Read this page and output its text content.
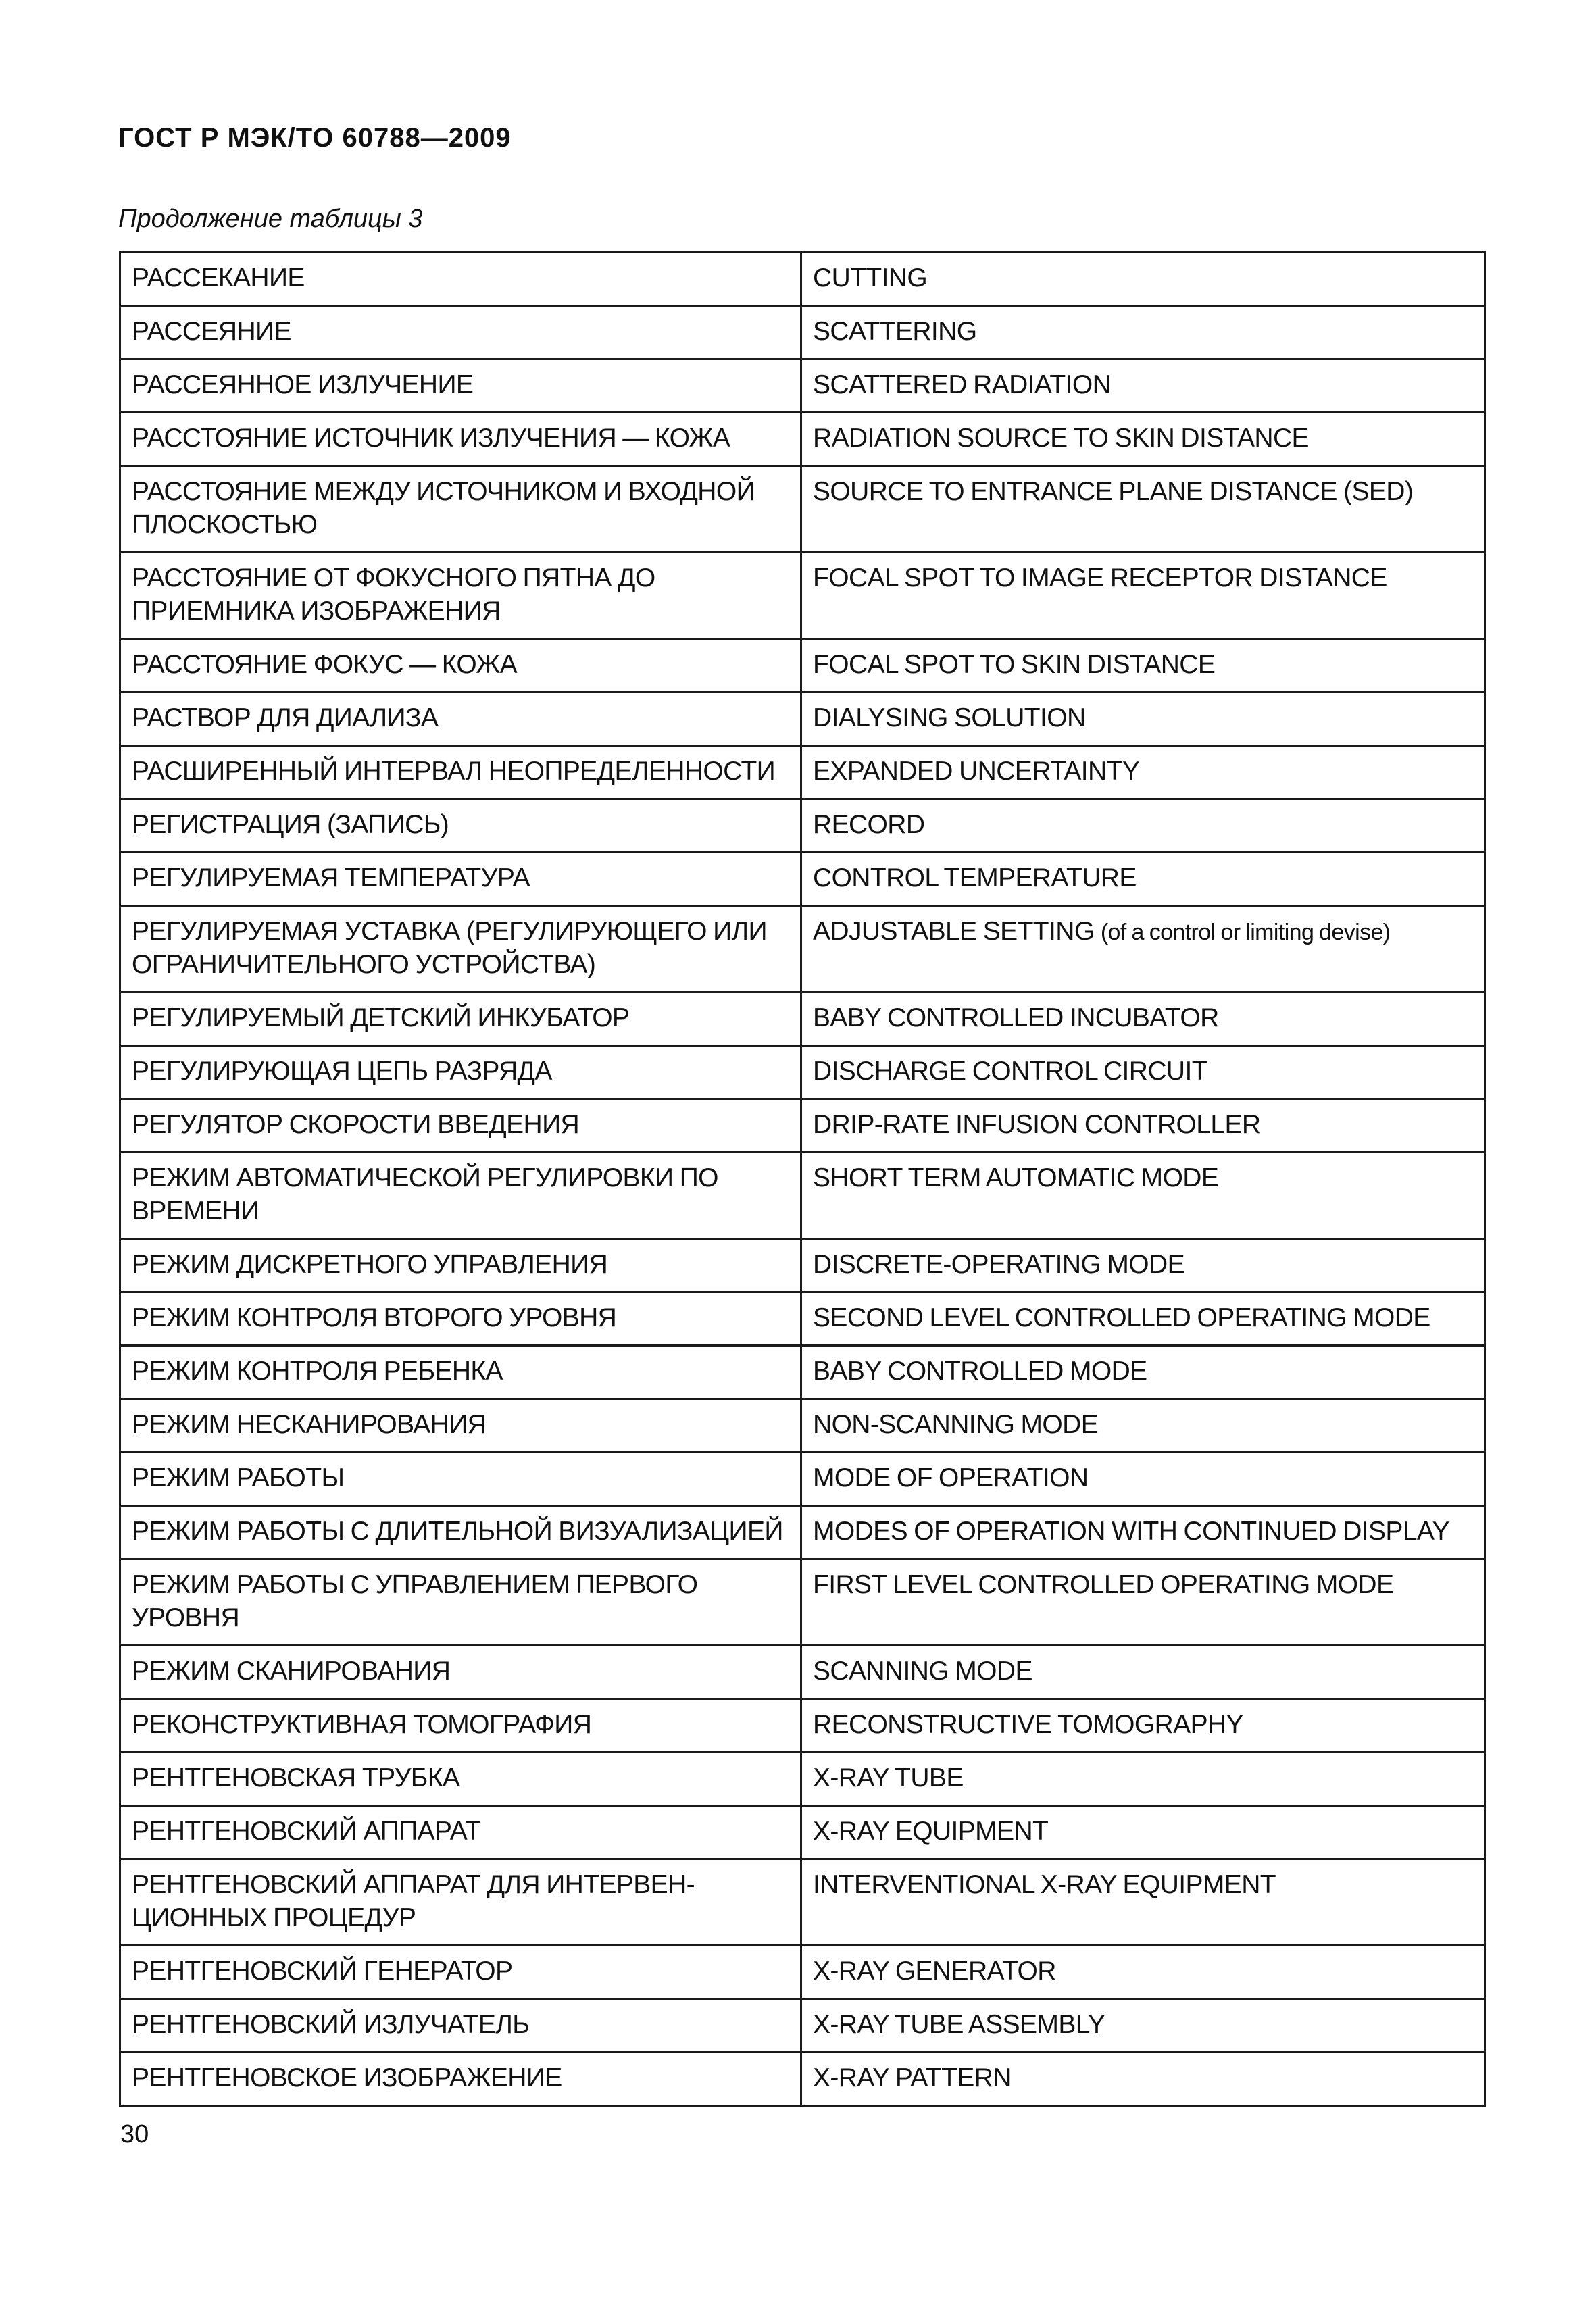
ГОСТ Р МЭК/ТО 60788—2009
Продолжение таблицы 3
РАССЕКАНИЕ	CUTTING
РАССЕЯНИЕ	SCATTERING
РАССЕЯННОЕ ИЗЛУЧЕНИЕ	SCATTERED RADIATION
РАССТОЯНИЕ ИСТОЧНИК ИЗЛУЧЕНИЯ — КОЖА	RADIATION SOURCE TO SKIN DISTANCE
РАССТОЯНИЕ МЕЖДУ ИСТОЧНИКОМ И ВХОДНОЙ ПЛОСКОСТЬЮ	SOURCE TO ENTRANCE PLANE DISTANCE (SED)
РАССТОЯНИЕ ОТ ФОКУСНОГО ПЯТНА ДО ПРИЕМНИКА ИЗОБРАЖЕНИЯ	FOCAL SPOT TO IMAGE RECEPTOR DISTANCE
РАССТОЯНИЕ ФОКУС — КОЖА	FOCAL SPOT TO SKIN DISTANCE
РАСТВОР ДЛЯ ДИАЛИЗА	DIALYSING SOLUTION
РАСШИРЕННЫЙ ИНТЕРВАЛ НЕОПРЕДЕЛЕННОСТИ	EXPANDED UNCERTAINTY
РЕГИСТРАЦИЯ (ЗАПИСЬ)	RECORD
РЕГУЛИРУЕМАЯ ТЕМПЕРАТУРА	CONTROL TEMPERATURE
РЕГУЛИРУЕМАЯ УСТАВКА (РЕГУЛИРУЮЩЕГО ИЛИ ОГРАНИЧИТЕЛЬНОГО УСТРОЙСТВА)	ADJUSTABLE SETTING (of a control or limiting devise)
РЕГУЛИРУЕМЫЙ ДЕТСКИЙ ИНКУБАТОР	BABY CONTROLLED INCUBATOR
РЕГУЛИРУЮЩАЯ ЦЕПЬ РАЗРЯДА	DISCHARGE CONTROL CIRCUIT
РЕГУЛЯТОР СКОРОСТИ ВВЕДЕНИЯ	DRIP-RATE INFUSION CONTROLLER
РЕЖИМ АВТОМАТИЧЕСКОЙ РЕГУЛИРОВКИ ПО ВРЕМЕНИ	SHORT TERM AUTOMATIC MODE
РЕЖИМ ДИСКРЕТНОГО УПРАВЛЕНИЯ	DISCRETE-OPERATING MODE
РЕЖИМ КОНТРОЛЯ ВТОРОГО УРОВНЯ	SECOND LEVEL CONTROLLED OPERATING MODE
РЕЖИМ КОНТРОЛЯ РЕБЕНКА	BABY CONTROLLED MODE
РЕЖИМ НЕСКАНИРОВАНИЯ	NON-SCANNING MODE
РЕЖИМ РАБОТЫ	MODE OF OPERATION
РЕЖИМ РАБОТЫ С ДЛИТЕЛЬНОЙ ВИЗУАЛИЗАЦИЕЙ	MODES OF OPERATION WITH CONTINUED DISPLAY
РЕЖИМ РАБОТЫ С УПРАВЛЕНИЕМ ПЕРВОГО УРОВНЯ	FIRST LEVEL CONTROLLED OPERATING MODE
РЕЖИМ СКАНИРОВАНИЯ	SCANNING MODE
РЕКОНСТРУКТИВНАЯ ТОМОГРАФИЯ	RECONSTRUCTIVE TOMOGRAPHY
РЕНТГЕНОВСКАЯ ТРУБКА	X-RAY TUBE
РЕНТГЕНОВСКИЙ АППАРАТ	X-RAY EQUIPMENT
РЕНТГЕНОВСКИЙ АППАРАТ ДЛЯ ИНТЕРВЕН-ЦИОННЫХ ПРОЦЕДУР	INTERVENTIONAL X-RAY EQUIPMENT
РЕНТГЕНОВСКИЙ ГЕНЕРАТОР	X-RAY GENERATOR
РЕНТГЕНОВСКИЙ ИЗЛУЧАТЕЛЬ	X-RAY TUBE ASSEMBLY
РЕНТГЕНОВСКОЕ ИЗОБРАЖЕНИЕ	X-RAY PATTERN
30
